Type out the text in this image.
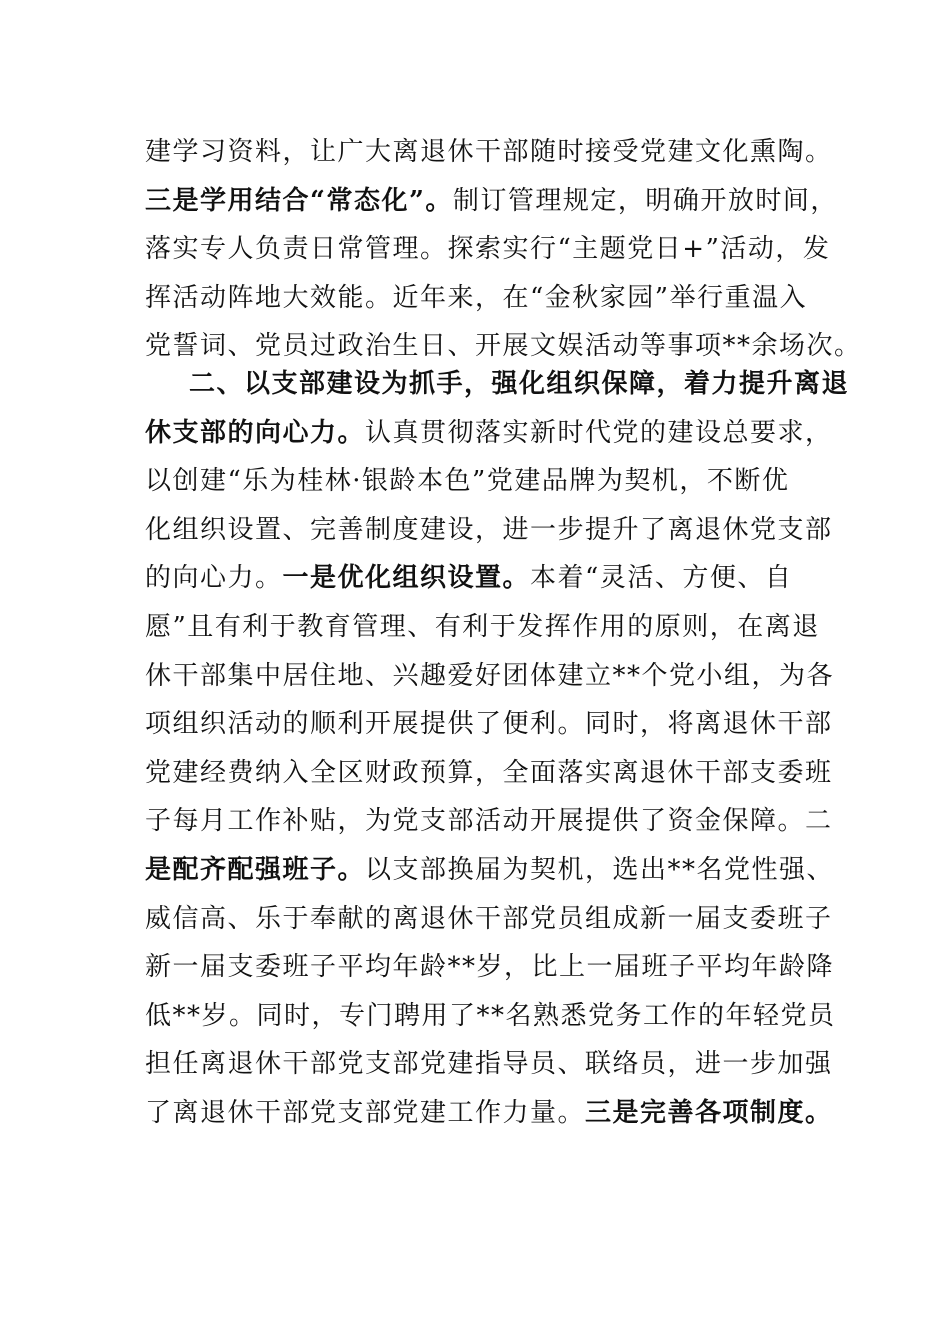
建学习资料，让广大离退休干部随时接受党建文化熏陶。
三是学用结合“常态化”。制订管理规定，明确开放时间，
落实专人负责日常管理。探索实行“主题党日+”活动，发
挥活动阵地大效能。近年来，在“金秋家园”举行重温入
党誓词、党员过政治生日、开展文娱活动等事项**余场次。
二、以支部建设为抓手，强化组织保障，着力提升离退
休支部的向心力。认真贯彻落实新时代党的建设总要求，
以创建“乐为桂林·银龄本色”党建品牌为契机，不断优
化组织设置、完善制度建设，进一步提升了离退休党支部
的向心力。一是优化组织设置。本着“灵活、方便、自
愿”且有利于教育管理、有利于发挥作用的原则，在离退
休干部集中居住地、兴趣爱好团体建立**个党小组，为各
项组织活动的顺利开展提供了便利。同时，将离退休干部
党建经费纳入全区财政预算，全面落实离退休干部支委班
子每月工作补贴，为党支部活动开展提供了资金保障。二
是配齐配强班子。以支部换届为契机，选出**名党性强、
威信高、乐于奉献的离退休干部党员组成新一届支委班子
新一届支委班子平均年龄**岁，比上一届班子平均年龄降
低**岁。同时，专门聘用了**名熟悉党务工作的年轻党员
担任离退休干部党支部党建指导员、联络员，进一步加强
了离退休干部党支部党建工作力量。三是完善各项制度。
